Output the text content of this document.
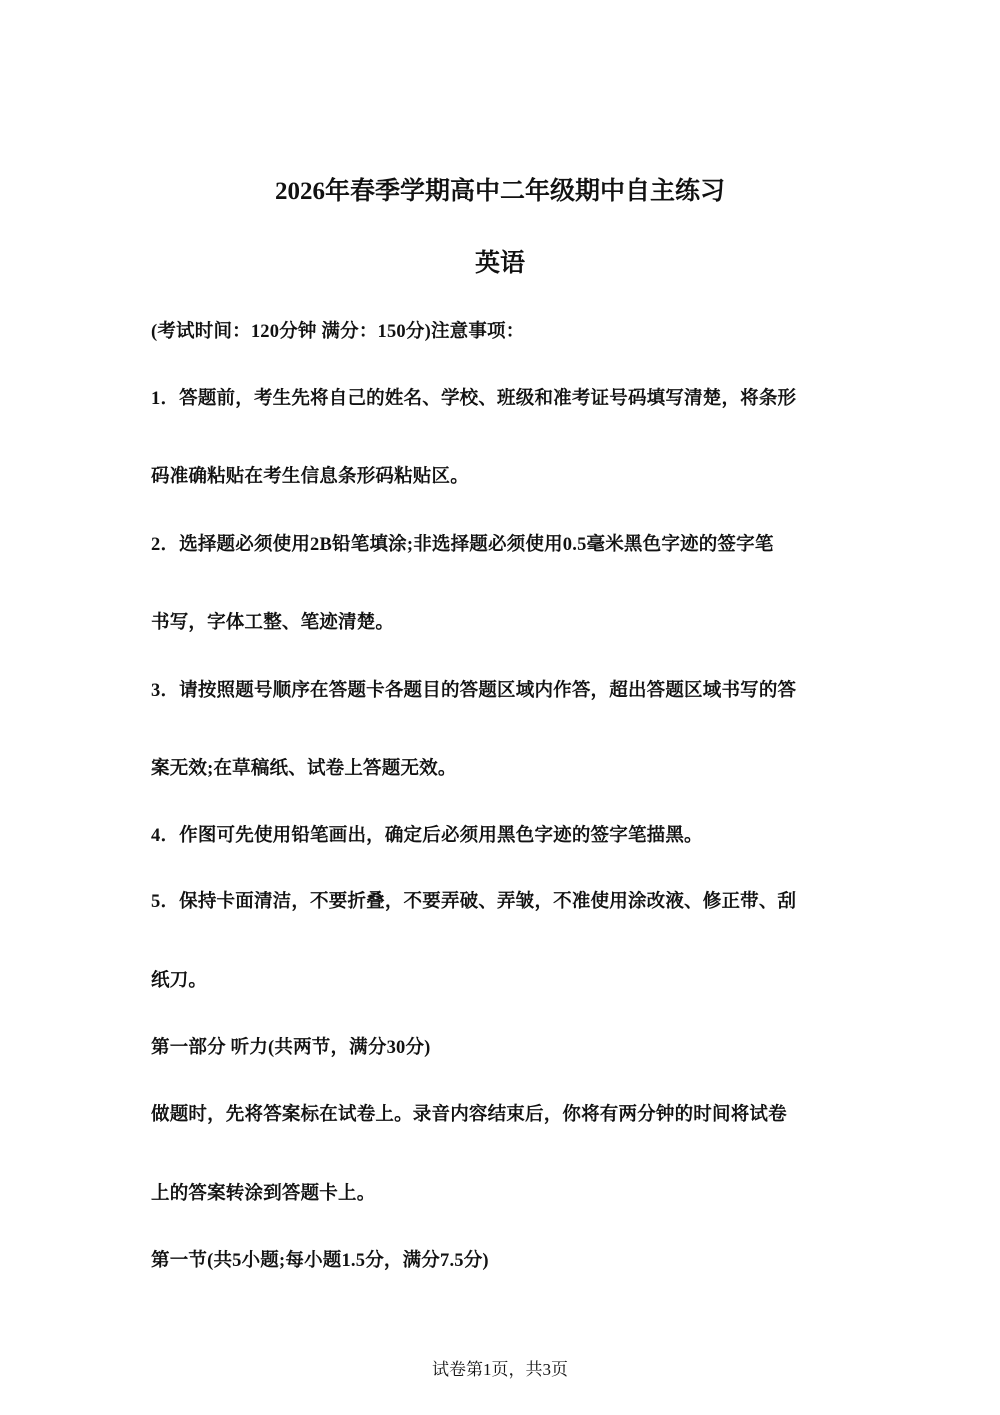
2026年春季学期高中二年级期中自主练习
英语
(考试时间：120分钟 满分：150分)注意事项：
1．答题前，考生先将自己的姓名、学校、班级和准考证号码填写清楚，将条形
码准确粘贴在考生信息条形码粘贴区。
2．选择题必须使用2B铅笔填涂;非选择题必须使用0.5毫米黑色字迹的签字笔
书写，字体工整、笔迹清楚。
3．请按照题号顺序在答题卡各题目的答题区域内作答，超出答题区域书写的答
案无效;在草稿纸、试卷上答题无效。
4．作图可先使用铅笔画出，确定后必须用黑色字迹的签字笔描黑。
5．保持卡面清洁，不要折叠，不要弄破、弄皱，不准使用涂改液、修正带、刮
纸刀。
第一部分 听力(共两节，满分30分)
做题时，先将答案标在试卷上。录音内容结束后，你将有两分钟的时间将试卷
上的答案转涂到答题卡上。
第一节(共5小题;每小题1.5分，满分7.5分)
试卷第1页，共3页
